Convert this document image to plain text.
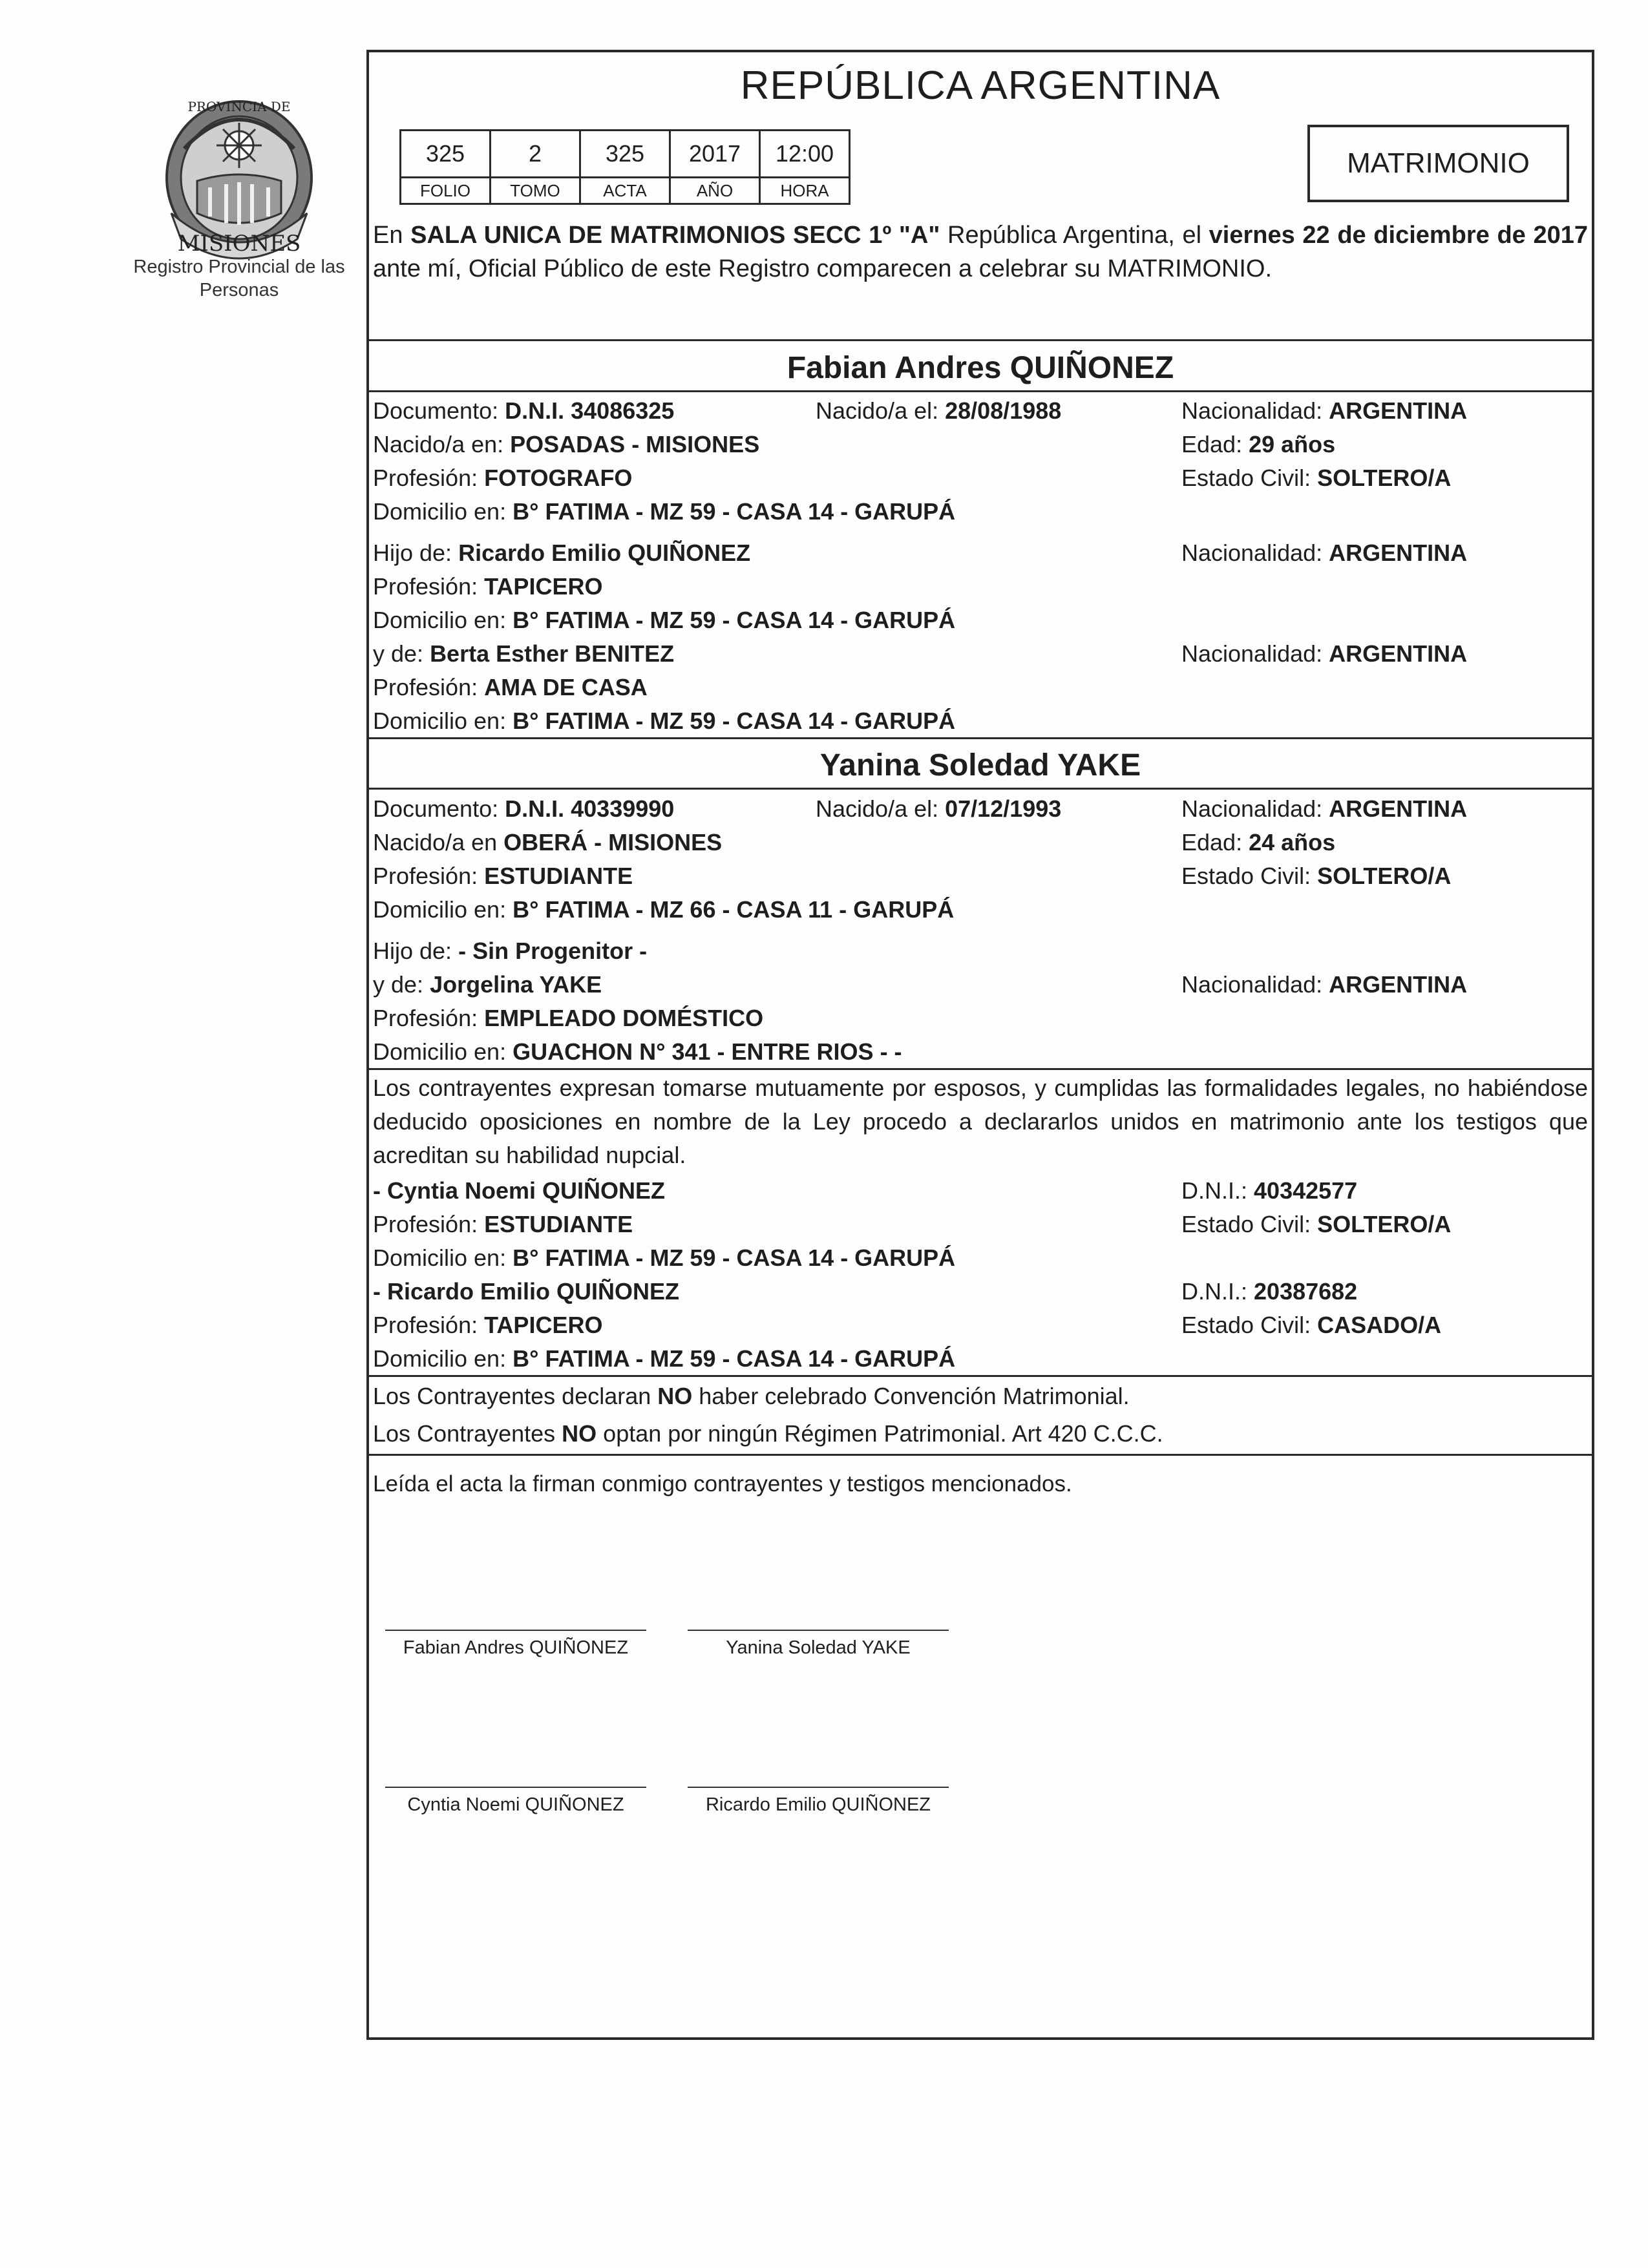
MISIONES
PROVINCIA DE
Registro Provincial de las Personas
REPÚBLICA ARGENTINA
325	2	325	2017	12:00
FOLIO	TOMO	ACTA	AÑO	HORA
MATRIMONIO
En SALA UNICA DE MATRIMONIOS SECC 1º "A" República Argentina, el viernes 22 de diciembre de 2017 ante mí, Oficial Público de este Registro comparecen a celebrar su MATRIMONIO.
Fabian Andres QUIÑONEZ
Documento: D.N.I. 34086325	Nacido/a el: 28/08/1988	Nacionalidad: ARGENTINA
Nacido/a en: POSADAS - MISIONES	Edad: 29 años
Profesión: FOTOGRAFO	Estado Civil: SOLTERO/A
Domicilio en: B° FATIMA - MZ 59 - CASA 14 - GARUPÁ
Hijo de: Ricardo Emilio QUIÑONEZ	Nacionalidad: ARGENTINA
Profesión: TAPICERO
Domicilio en: B° FATIMA - MZ 59 - CASA 14 - GARUPÁ
y de: Berta Esther BENITEZ	Nacionalidad: ARGENTINA
Profesión: AMA DE CASA
Domicilio en: B° FATIMA - MZ 59 - CASA 14 - GARUPÁ
Yanina Soledad YAKE
Documento: D.N.I. 40339990	Nacido/a el: 07/12/1993	Nacionalidad: ARGENTINA
Nacido/a en OBERÁ - MISIONES	Edad: 24 años
Profesión: ESTUDIANTE	Estado Civil: SOLTERO/A
Domicilio en: B° FATIMA - MZ 66 - CASA 11 - GARUPÁ
Hijo de: - Sin Progenitor -
y de: Jorgelina YAKE	Nacionalidad: ARGENTINA
Profesión: EMPLEADO DOMÉSTICO
Domicilio en: GUACHON N° 341 - ENTRE RIOS - -
Los contrayentes expresan tomarse mutuamente por esposos, y cumplidas las formalidades legales, no habiéndose deducido oposiciones en nombre de la Ley procedo a declararlos unidos en matrimonio ante los testigos que acreditan su habilidad nupcial.
- Cyntia Noemi QUIÑONEZ	D.N.I.: 40342577
Profesión: ESTUDIANTE	Estado Civil: SOLTERO/A
Domicilio en: B° FATIMA - MZ 59 - CASA 14 - GARUPÁ
- Ricardo Emilio QUIÑONEZ	D.N.I.: 20387682
Profesión: TAPICERO	Estado Civil: CASADO/A
Domicilio en: B° FATIMA - MZ 59 - CASA 14 - GARUPÁ
Los Contrayentes declaran NO haber celebrado Convención Matrimonial.
Los Contrayentes NO optan por ningún Régimen Patrimonial. Art 420 C.C.C.
Leída el acta la firman conmigo contrayentes y testigos mencionados.
Fabian Andres QUIÑONEZ	Yanina Soledad YAKE
Cyntia Noemi QUIÑONEZ	Ricardo Emilio QUIÑONEZ
